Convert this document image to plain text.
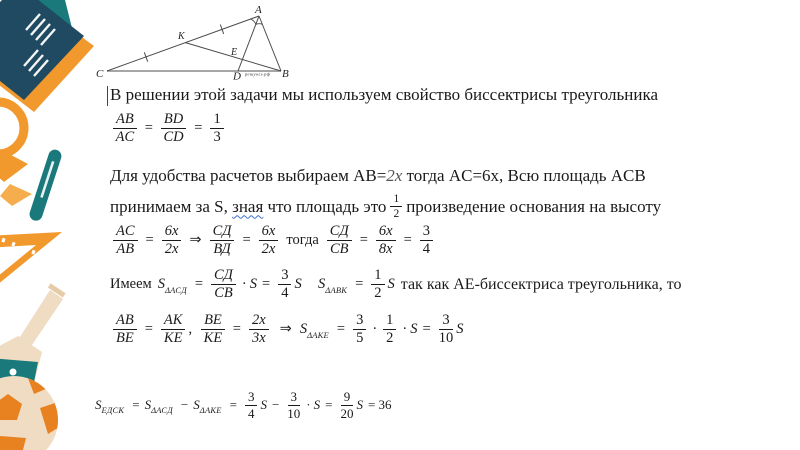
A
C	B
D
E
K
решуогэ.рф
В решении этой задачи мы используем свойство биссектрисы треугольника
$\frac{AB}{AC} = \frac{BD}{CD} = \frac{1}{3}$
Для удобства расчетов выбираем AB= 2x тогда AC=6x, Всю площадь ACB
принимаем за S, зная что площадь это $\frac{1}{2}$ произведение основания на высоту
$\frac{AC}{AB} = \frac{6x}{2x}$ ⇒ $\frac{СД}{ВД} = \frac{6x}{2x}$ тогда $\frac{СД}{СВ} = \frac{6x}{8x} = \frac{3}{4}$
Имеем S $\Delta АСД = \frac{СД}{СВ} \cdot S = \frac{3}{4}$ S S $\Delta АВК = \frac{1}{2}$ S так как AE-биссектриса треугольника, то
$\frac{AB}{BE} = \frac{AK}{KE}$ , $\frac{BE}{KE} = \frac{2x}{3x}$ ⇒ S $\Delta АКЕ = \frac{3}{5} \cdot \frac{1}{2} \cdot S = \frac{3}{10}$ S
S ЕДСК = S ΔАСД − S $\Delta АКЕ = \frac{3}{4}$ $S - \frac{3}{10} \cdot S = \frac{9}{20}$ S = 36
